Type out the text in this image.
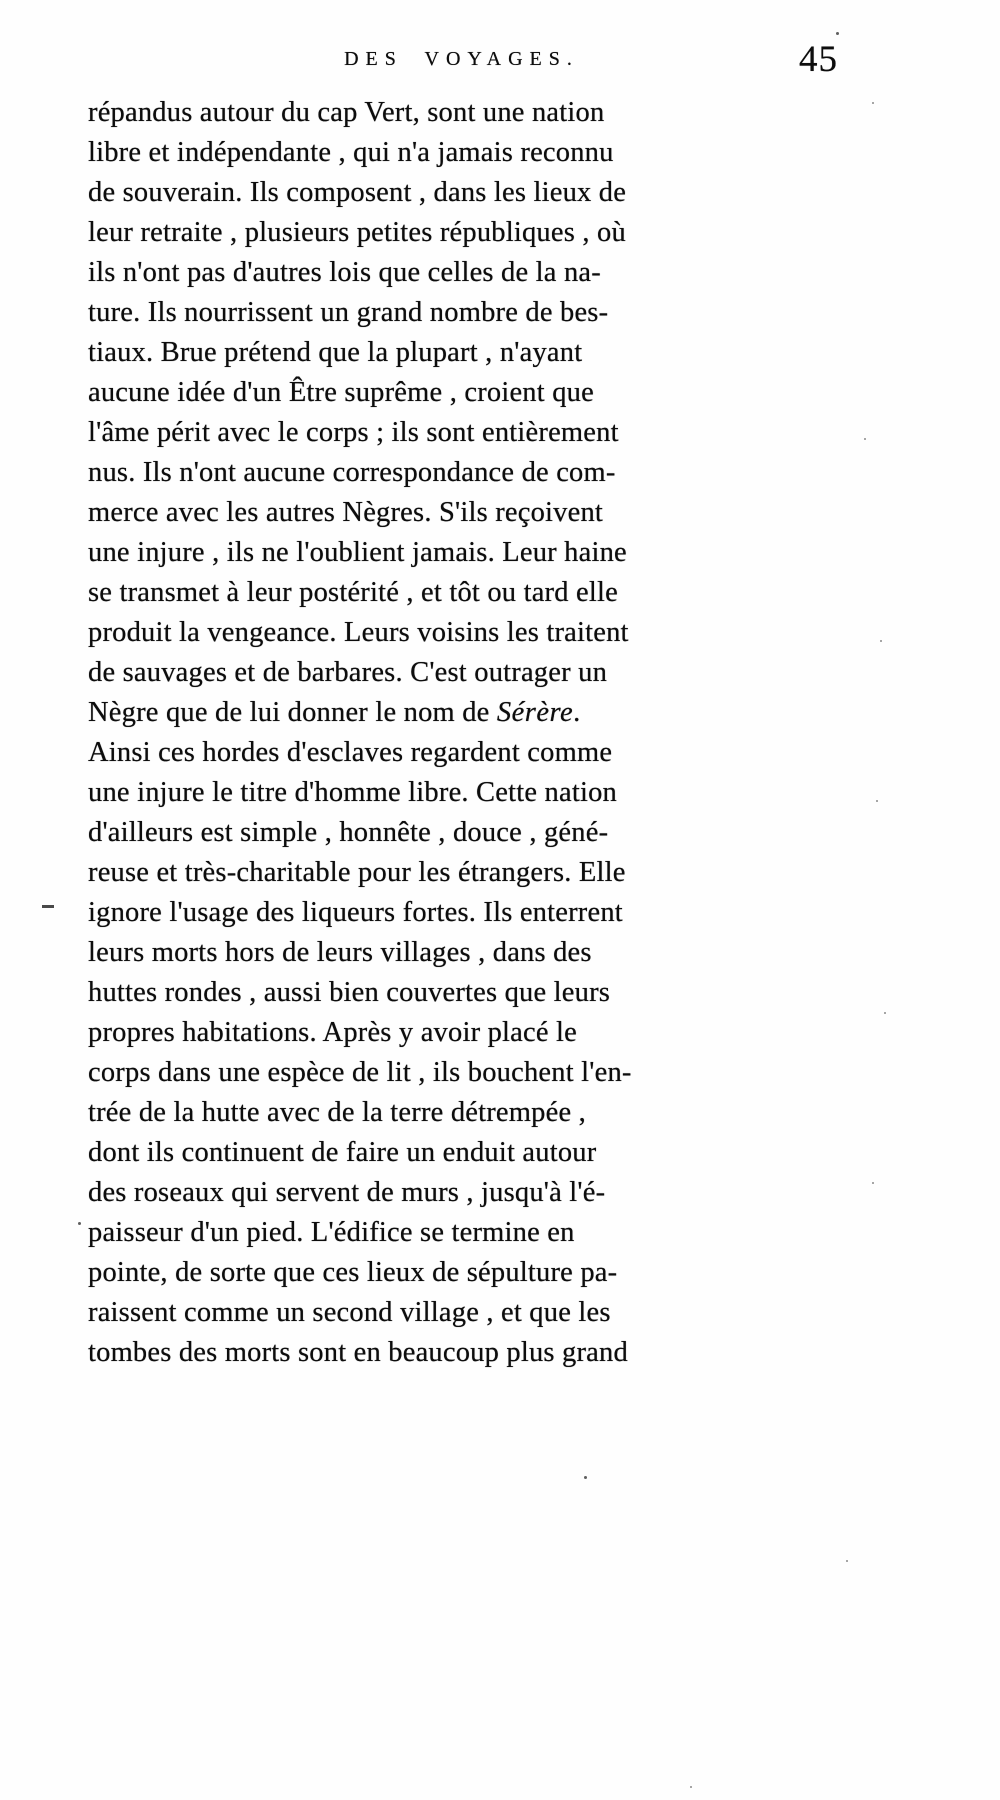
DES VOYAGES.	45
répandus autour du cap Vert, sont une nation
libre et indépendante , qui n'a jamais reconnu
de souverain. Ils composent , dans les lieux de
leur retraite , plusieurs petites républiques , où
ils n'ont pas d'autres lois que celles de la na-
ture. Ils nourrissent un grand nombre de bes-
tiaux. Brue prétend que la plupart , n'ayant
aucune idée d'un Être suprême , croient que
l'âme périt avec le corps ; ils sont entièrement
nus. Ils n'ont aucune correspondance de com-
merce avec les autres Nègres. S'ils reçoivent
une injure , ils ne l'oublient jamais. Leur haine
se transmet à leur postérité , et tôt ou tard elle
produit la vengeance. Leurs voisins les traitent
de sauvages et de barbares. C'est outrager un
Nègre que de lui donner le nom de Sérère.
Ainsi ces hordes d'esclaves regardent comme
une injure le titre d'homme libre. Cette nation
d'ailleurs est simple , honnête , douce , géné-
reuse et très-charitable pour les étrangers. Elle
ignore l'usage des liqueurs fortes. Ils enterrent
leurs morts hors de leurs villages , dans des
huttes rondes , aussi bien couvertes que leurs
propres habitations. Après y avoir placé le
corps dans une espèce de lit , ils bouchent l'en-
trée de la hutte avec de la terre détrempée ,
dont ils continuent de faire un enduit autour
des roseaux qui servent de murs , jusqu'à l'é-
paisseur d'un pied. L'édifice se termine en
pointe, de sorte que ces lieux de sépulture pa-
raissent comme un second village , et que les
tombes des morts sont en beaucoup plus grand
